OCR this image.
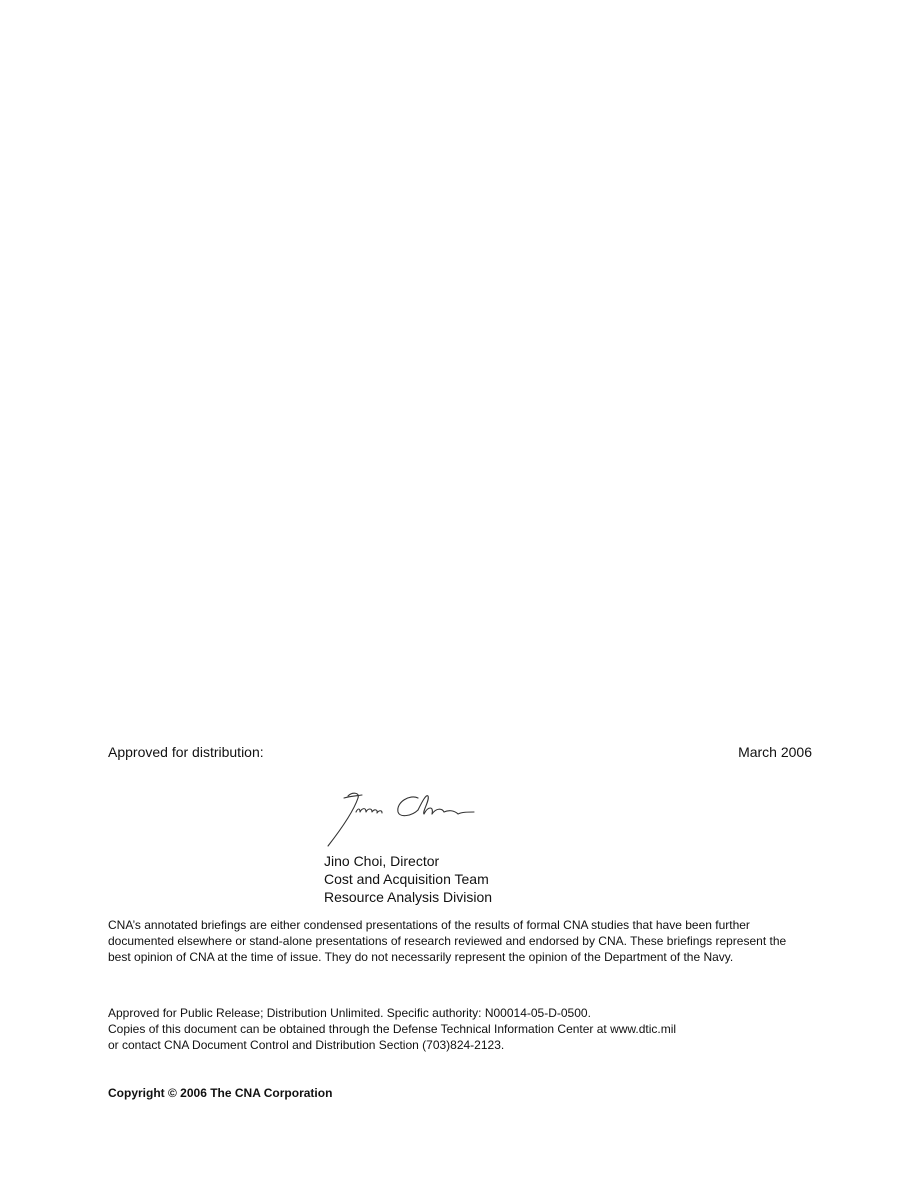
Approved for distribution:	March 2006
Jino Choi, Director
Cost and Acquisition Team
Resource Analysis Division

CNA’s annotated briefings are either condensed presentations of the results of formal CNA studies that have been further documented elsewhere or stand-alone presentations of research reviewed and endorsed by CNA. These briefings represent the best opinion of CNA at the time of issue. They do not necessarily represent the opinion of the Department of the Navy.

Approved for Public Release; Distribution Unlimited. Specific authority: N00014-05-D-0500.
Copies of this document can be obtained through the Defense Technical Information Center at www.dtic.mil
or contact CNA Document Control and Distribution Section (703)824-2123.
Copyright © 2006 The CNA Corporation
